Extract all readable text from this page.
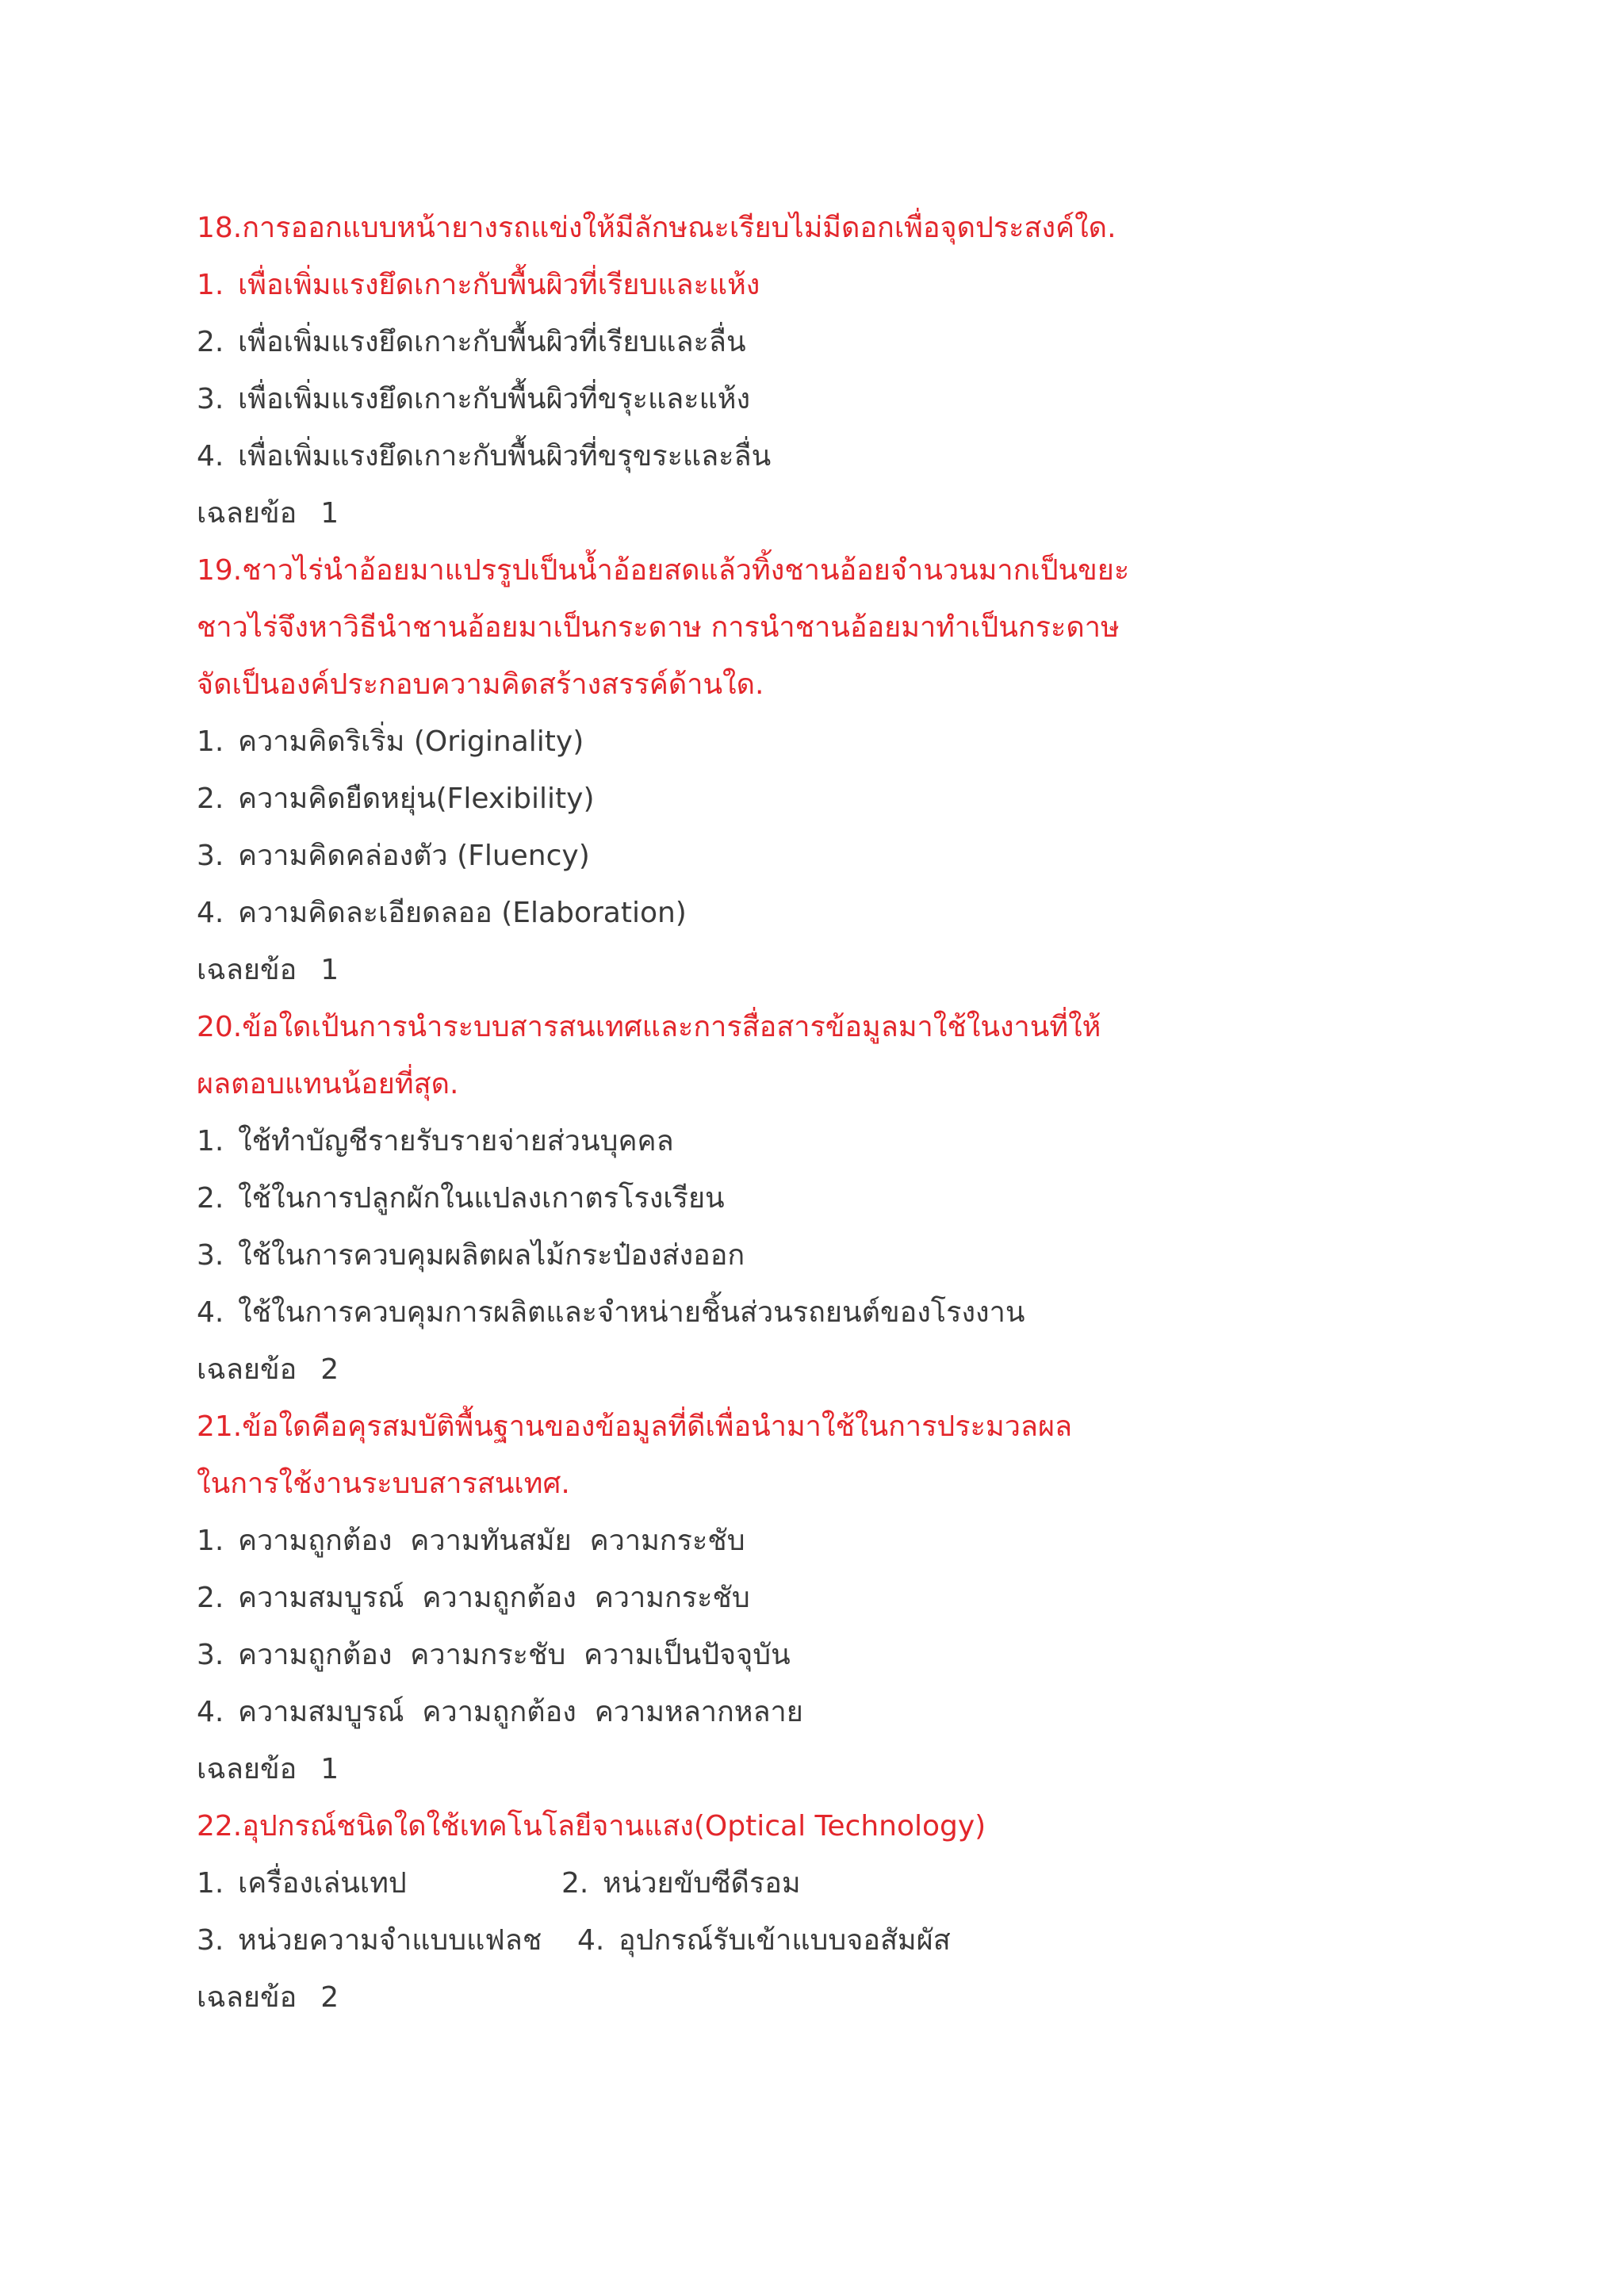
18.การออกแบบหน้ายางรถแข่งให้มีลักษณะเรียบไม่มีดอกเพื่อจุดประสงค์ใด.
1. เพื่อเพิ่มแรงยึดเกาะกับพื้นผิวที่เรียบและแห้ง
2. เพื่อเพิ่มแรงยึดเกาะกับพื้นผิวที่เรียบและลื่น
3. เพื่อเพิ่มแรงยึดเกาะกับพื้นผิวที่ขรุะและแห้ง
4. เพื่อเพิ่มแรงยึดเกาะกับพื้นผิวที่ขรุขระและลื่น
เฉลยข้อ 1
19.ชาวไร่นำอ้อยมาแปรรูปเป็นน้ำอ้อยสดแล้วทิ้งชานอ้อยจำนวนมากเป็นขยะ
ชาวไร่จึงหาวิธีนำชานอ้อยมาเป็นกระดาษ การนำชานอ้อยมาทำเป็นกระดาษ
จัดเป็นองค์ประกอบความคิดสร้างสรรค์ด้านใด.
1. ความคิดริเริ่ม (Originality)
2. ความคิดยืดหยุ่น(Flexibility)
3. ความคิดคล่องตัว (Fluency)
4. ความคิดละเอียดลออ (Elaboration)
เฉลยข้อ 1
20.ข้อใดเป้นการนำระบบสารสนเทศและการสื่อสารข้อมูลมาใช้ในงานที่ให้
ผลตอบแทนน้อยที่สุด.
1. ใช้ทำบัญชีรายรับรายจ่ายส่วนบุคคล
2. ใช้ในการปลูกผักในแปลงเกาตรโรงเรียน
3. ใช้ในการควบคุมผลิตผลไม้กระป๋องส่งออก
4. ใช้ในการควบคุมการผลิตและจำหน่ายชิ้นส่วนรถยนต์ของโรงงาน
เฉลยข้อ 2
21.ข้อใดคือคุรสมบัติพื้นฐานของข้อมูลที่ดีเพื่อนำมาใช้ในการประมวลผล
ในการใช้งานระบบสารสนเทศ.
1. ความถูกต้อง  ความทันสมัย  ความกระชับ
2. ความสมบูรณ์  ความถูกต้อง  ความกระชับ
3. ความถูกต้อง  ความกระชับ  ความเป็นปัจจุบัน
4. ความสมบูรณ์  ความถูกต้อง  ความหลากหลาย
เฉลยข้อ 1
22.อุปกรณ์ชนิดใดใช้เทคโนโลยีจานแสง(Optical Technology)
1. เครื่องเล่นเทป	2. หน่วยขับซีดีรอม
3. หน่วยความจำแบบแฟลช 4. อุปกรณ์รับเข้าแบบจอสัมผัส
เฉลยข้อ 2
